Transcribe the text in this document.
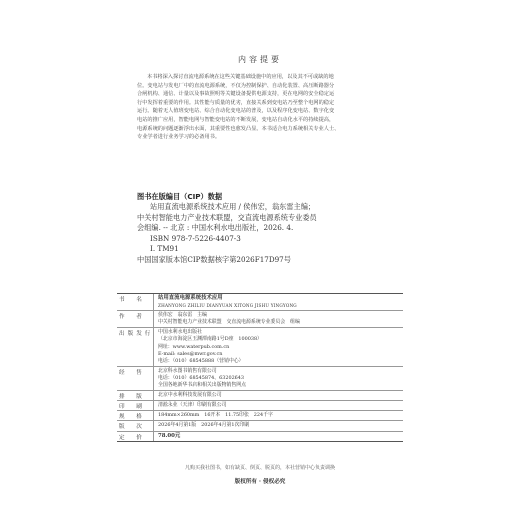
内容提要
本书将深入探讨直流电源系统在这些关键基础设施中的应用，以及其不可或缺的地
位。变电站与发电厂中的直流电源系统，不仅为控制保护、自动化装置、高压断路器分
合闸机构、通信、计量以及事故照明等关键设备提供电源支持，更在电网的安全稳定运
行中发挥着重要的作用。其性能与质量的优劣，直接关系到变电站乃至整个电网的稳定
运行。随着无人值班变电站、综合自动化变电站的普及，以及程序化变电站、数字化变
电站的推广应用，智能电网与智能变电站的不断发展，变电站自动化水平的持续提高，
电源系统的问题逐渐浮出水面，其重要性也愈发凸显。本书适合电力系统相关专业人士、
专业学者进行业务学习的必备用书。
图书在版编目（CIP）数据
站用直流电源系统技术应用 / 侯伟宏，翁东雷主编；
中关村智能电力产业技术联盟，交直流电源系统专业委员
会组编. -- 北京 : 中国水利水电出版社，2026. 4.
ISBN 978-7-5226-4407-3
Ⅰ. TM91
中国国家版本馆CIP数据核字第2026F17D97号
书　名	站用直流电源系统技术应用
ZHANYONG ZHILIU DIANYUAN XITONG JISHU YINGYONG
作　者	侯伟宏　翁东雷　主编
中关村智能电力产业技术联盟　交直流电源系统专业委员会　组编
出版发行 中国水利水电出版社
（北京市海淀区玉渊潭南路1号D座　100038）
网址：www.waterpub.com.cn
E-mail: sales@mwr.gov.cn
电话：（010）68545888（营销中心）
经　售	北京科水图书销售有限公司
电话：（010）68545874、63202643
全国各地新华书店和相关出版物销售网点
排　版	北京中水利科技发展有限公司
印　刷	清淞永业（天津）印刷有限公司
规　格	184mm×260mm　16开本　11.75印张　224千字
版　次	2026年4月第1版　2026年4月第1次印刷
定　价	78.00元
凡购买我社图书，如有缺页、倒页、脱页的，本社营销中心负责调换
版权所有 · 侵权必究
